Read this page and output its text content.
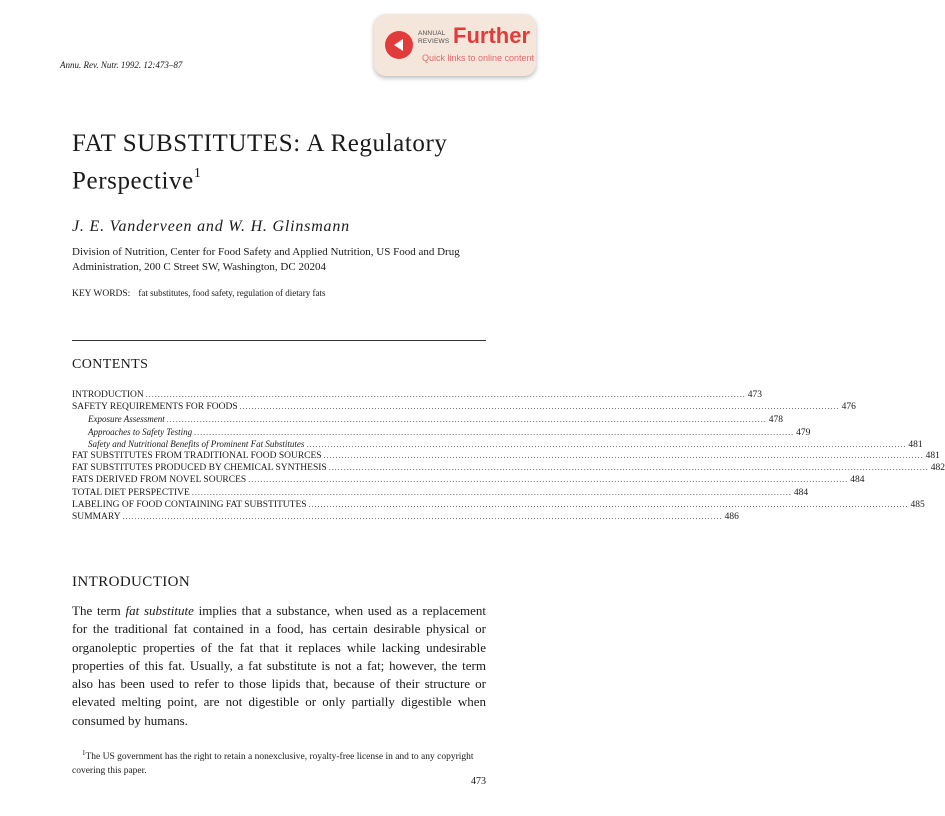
ANNUAL
REVIEWS Further
Quick links to online content
Annu. Rev. Nutr. 1992. 12:473–87
FAT SUBSTITUTES: A Regulatory
Perspective$^1$
J. E. Vanderveen and W. H. Glinsmann
Division of Nutrition, Center for Food Safety and Applied Nutrition, US Food and Drug Administration, 200 C Street SW, Washington, DC 20204
KEY WORDS: fat substitutes, food safety, regulation of dietary fats
CONTENTS
INTRODUCTION ........................................................................................................................................................................................................ 473
SAFETY REQUIREMENTS FOR FOODS ........................................................................................................................................................................................................ 476
Exposure Assessment ........................................................................................................................................................................................................ 478
Approaches to Safety Testing ........................................................................................................................................................................................................ 479
Safety and Nutritional Benefits of Prominent Fat Substitutes ........................................................................................................................................................................................................ 481
FAT SUBSTITUTES FROM TRADITIONAL FOOD SOURCES ........................................................................................................................................................................................................ 481
FAT SUBSTITUTES PRODUCED BY CHEMICAL SYNTHESIS ........................................................................................................................................................................................................ 482
FATS DERIVED FROM NOVEL SOURCES ........................................................................................................................................................................................................ 484
TOTAL DIET PERSPECTIVE ........................................................................................................................................................................................................ 484
LABELING OF FOOD CONTAINING FAT SUBSTITUTES ........................................................................................................................................................................................................ 485
SUMMARY ........................................................................................................................................................................................................ 486
INTRODUCTION
The term fat substitute implies that a substance, when used as a replacement for the traditional fat contained in a food, has certain desirable physical or organoleptic properties of the fat that it replaces while lacking undesirable properties of this fat. Usually, a fat substitute is not a fat; however, the term also has been used to refer to those lipids that, because of their structure or elevated melting point, are not digestible or only partially digestible when consumed by humans.
$^1$The US government has the right to retain a nonexclusive, royalty-free license in and to any copyright covering this paper.
473
